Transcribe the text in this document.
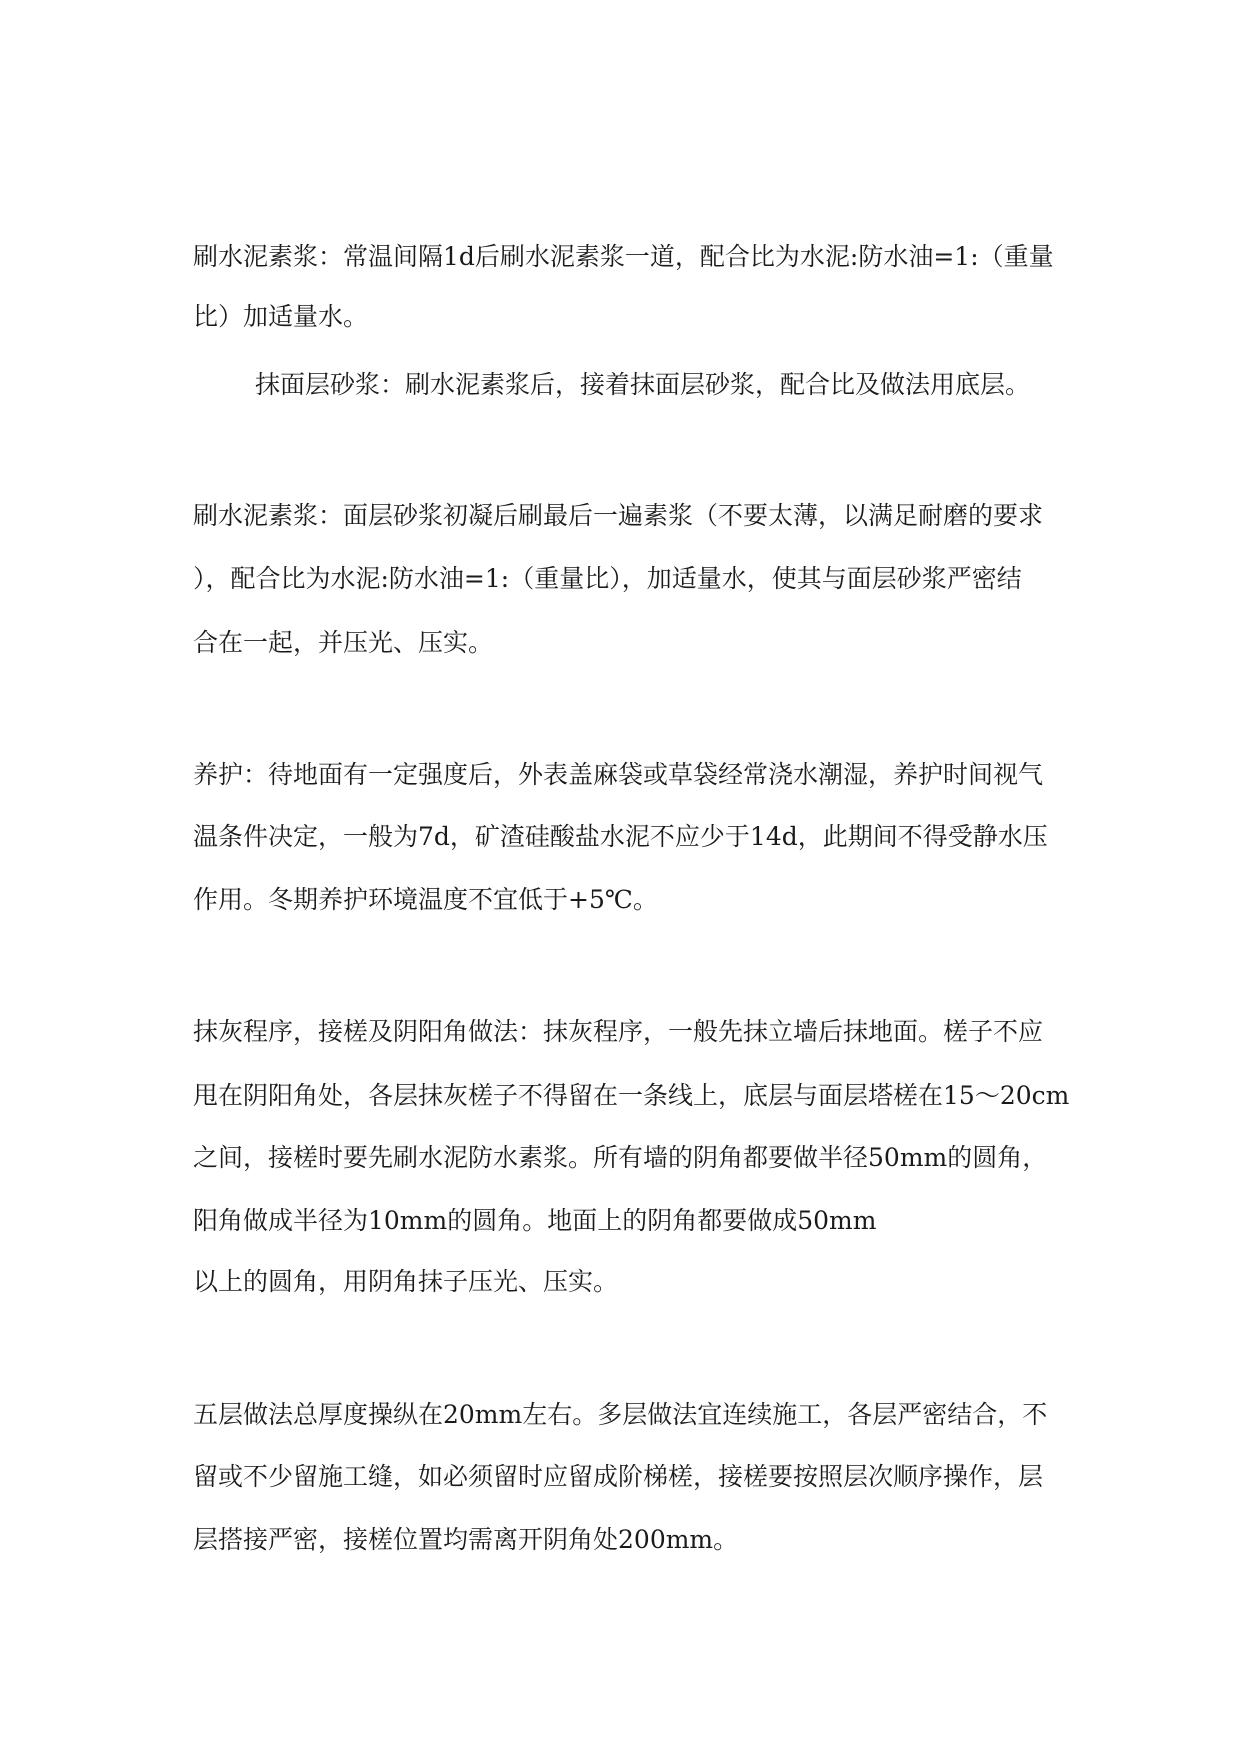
刷水泥素浆：常温间隔1d后刷水泥素浆一道，配合比为水泥:防水油=1:（重量
比）加适量水。
抹面层砂浆：刷水泥素浆后，接着抹面层砂浆，配合比及做法用底层。
刷水泥素浆：面层砂浆初凝后刷最后一遍素浆（不要太薄，以满足耐磨的要求
），配合比为水泥:防水油=1:（重量比），加适量水，使其与面层砂浆严密结
合在一起，并压光、压实。
养护：待地面有一定强度后，外表盖麻袋或草袋经常浇水潮湿，养护时间视气
温条件决定，一般为7d，矿渣硅酸盐水泥不应少于14d，此期间不得受静水压
作用。冬期养护环境温度不宜低于+5℃。
抹灰程序，接槎及阴阳角做法：抹灰程序，一般先抹立墙后抹地面。槎子不应
甩在阴阳角处，各层抹灰槎子不得留在一条线上，底层与面层塔槎在15～20cm
之间，接槎时要先刷水泥防水素浆。所有墙的阴角都要做半径50mm的圆角，
阳角做成半径为10mm的圆角。地面上的阴角都要做成50mm
以上的圆角，用阴角抹子压光、压实。
五层做法总厚度操纵在20mm左右。多层做法宜连续施工，各层严密结合，不
留或不少留施工缝，如必须留时应留成阶梯槎，接槎要按照层次顺序操作，层
层搭接严密，接槎位置均需离开阴角处200mm。
